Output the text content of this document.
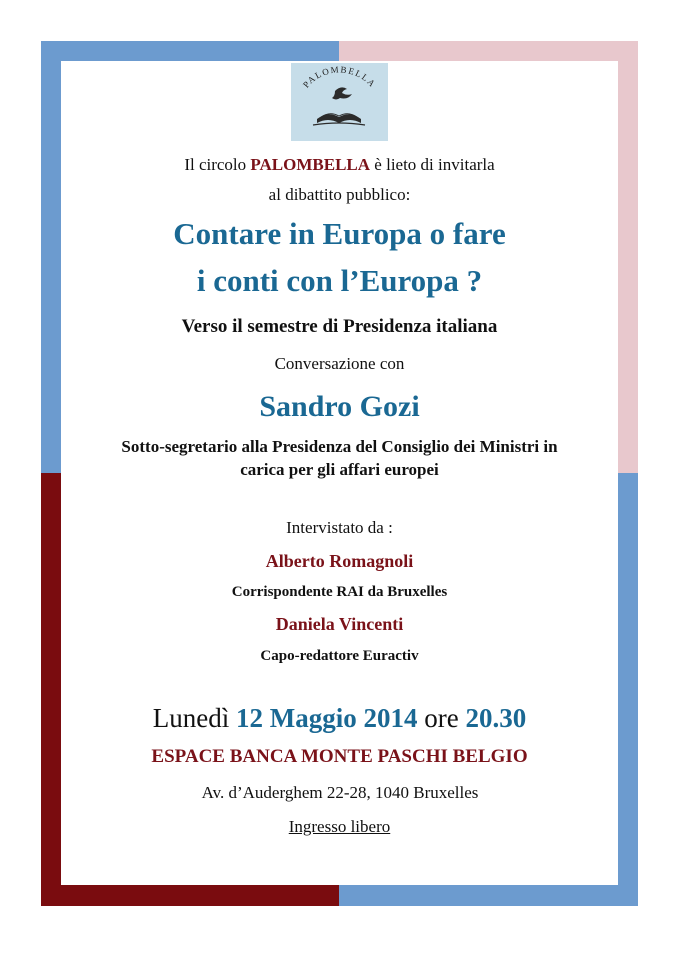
PALOMBELLA
Il circolo PALOMBELLA è lieto di invitarla
al dibattito pubblico:
Contare in Europa o fare
i conti con l’Europa ?
Verso il semestre di Presidenza italiana
Conversazione con
Sandro Gozi
Sotto-segretario alla Presidenza del Consiglio dei Ministri in
carica per gli affari europei
Intervistato da :
Alberto Romagnoli
Corrispondente RAI da Bruxelles
Daniela Vincenti
Capo-redattore Euractiv
Lunedì 12 Maggio 2014 ore 20.30
ESPACE BANCA MONTE PASCHI BELGIO
Av. d’Auderghem 22-28, 1040 Bruxelles
Ingresso libero
